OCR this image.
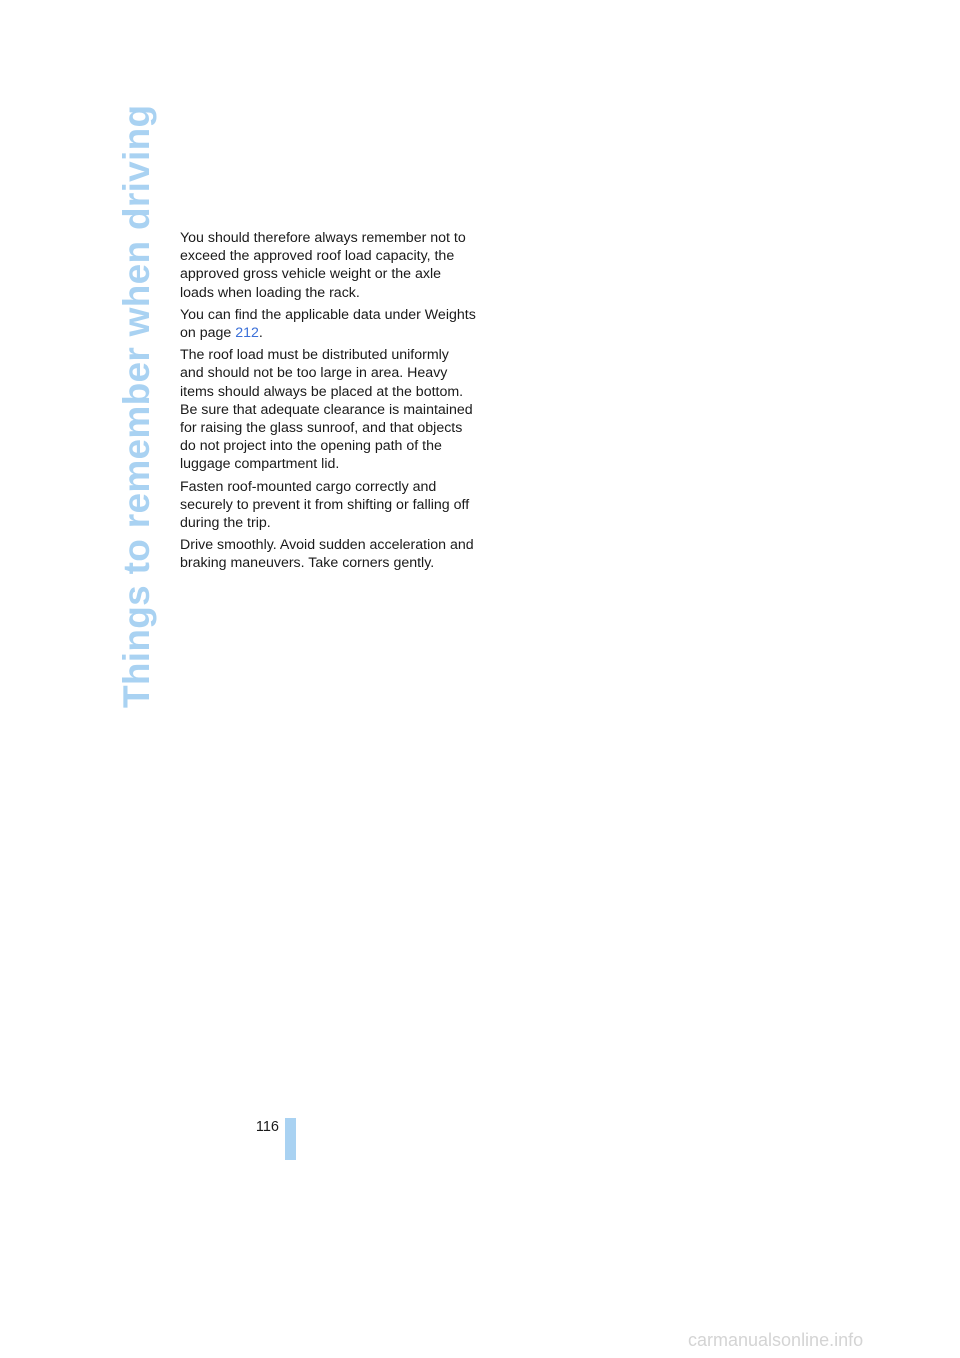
Things to remember when driving You should therefore always remember not to exceed the approved roof load capacity, the approved gross vehicle weight or the axle loads when loading the rack.

You can find the applicable data under Weights on page 212.

The roof load must be distributed uniformly and should not be too large in area. Heavy items should always be placed at the bottom. Be sure that adequate clearance is maintained for raising the glass sunroof, and that objects do not project into the opening path of the luggage compartment lid.

Fasten roof-mounted cargo correctly and securely to prevent it from shifting or falling off during the trip.

Drive smoothly. Avoid sudden acceleration and braking maneuvers. Take corners gently.

116
carmanualsonline.info
